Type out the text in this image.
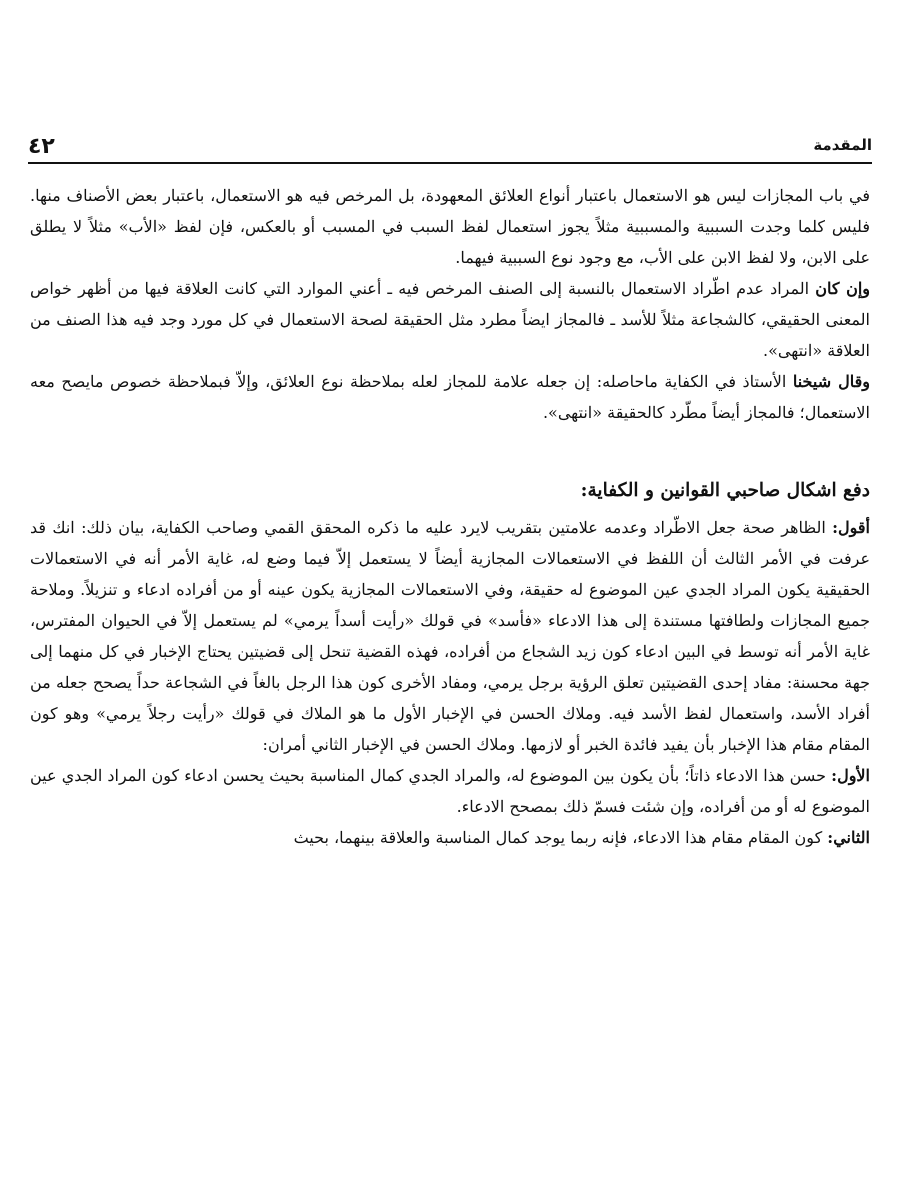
٤٢	المقدمة

في باب المجازات ليس هو الاستعمال باعتبار أنواع العلائق المعهودة، بل المرخص فيه هو الاستعمال، باعتبار بعض الأصناف منها. فليس كلما وجدت السببية والمسببية مثلاً يجوز استعمال لفظ السبب في المسبب أو بالعكس، فإن لفظ «الأب» مثلاً لا يطلق على الابن، ولا لفظ الابن على الأب، مع وجود نوع السببية فيهما.

وإن كان المراد عدم اطّراد الاستعمال بالنسبة إلى الصنف المرخص فيه ـ أعني الموارد التي كانت العلاقة فيها من أظهر خواص المعنى الحقيقي، كالشجاعة مثلاً للأسد ـ فالمجاز ايضاً مطرد مثل الحقيقة لصحة الاستعمال في كل مورد وجد فيه هذا الصنف من العلاقة «انتهى».

وقال شيخنا الأستاذ في الكفاية ماحاصله: إن جعله علامة للمجاز لعله بملاحظة نوع العلائق، وإلاّ فبملاحظة خصوص مايصح معه الاستعمال؛ فالمجاز أيضاً مطّرد كالحقيقة «انتهى».

دفع اشكال صاحبي القوانين و الكفاية:

أقول: الظاهر صحة جعل الاطّراد وعدمه علامتين بتقريب لايرد عليه ما ذكره المحقق القمي وصاحب الكفاية، بيان ذلك: انك قد عرفت في الأمر الثالث أن اللفظ في الاستعمالات المجازية أيضاً لا يستعمل إلاّ فيما وضع له، غاية الأمر أنه في الاستعمالات الحقيقية يكون المراد الجدي عين الموضوع له حقيقة، وفي الاستعمالات المجازية يكون عينه أو من أفراده ادعاء و تنزيلاً. وملاحة جميع المجازات ولطافتها مستندة إلى هذا الادعاء «فأسد» في قولك «رأيت أسداً يرمي» لم يستعمل إلاّ في الحيوان المفترس، غاية الأمر أنه توسط في البين ادعاء كون زيد الشجاع من أفراده، فهذه القضية تنحل إلى قضيتين يحتاج الإخبار في كل منهما إلى جهة محسنة: مفاد إحدى القضيتين تعلق الرؤية برجل يرمي، ومفاد الأخرى كون هذا الرجل بالغاً في الشجاعة حداً يصحح جعله من أفراد الأسد، واستعمال لفظ الأسد فيه. وملاك الحسن في الإخبار الأول ما هو الملاك في قولك «رأيت رجلاً يرمي» وهو كون المقام مقام هذا الإخبار بأن يفيد فائدة الخبر أو لازمها. وملاك الحسن في الإخبار الثاني أمران:

الأول: حسن هذا الادعاء ذاتاً؛ بأن يكون بين الموضوع له، والمراد الجدي كمال المناسبة بحيث يحسن ادعاء كون المراد الجدي عين الموضوع له أو من أفراده، وإن شئت فسمّ ذلك بمصحح الادعاء.

الثاني: كون المقام مقام هذا الادعاء، فإنه ربما يوجد كمال المناسبة والعلاقة بينهما، بحيث
